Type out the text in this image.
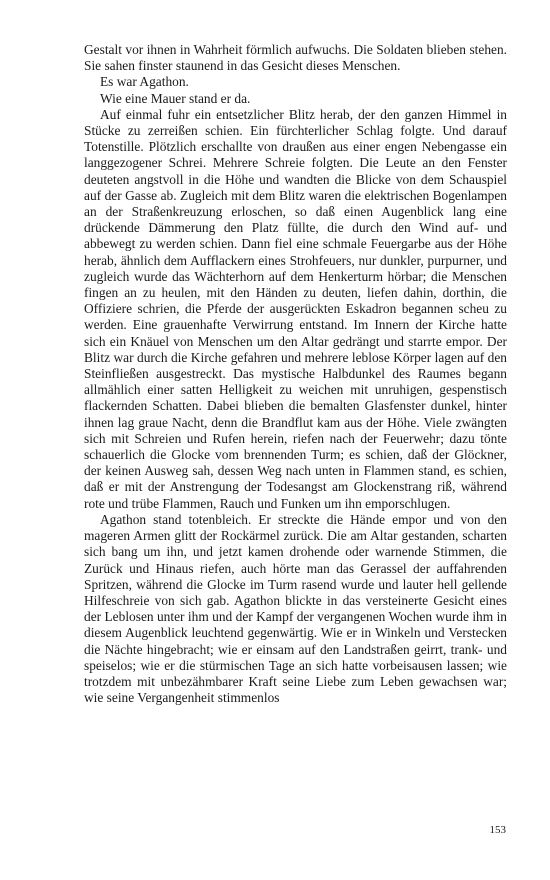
Gestalt vor ihnen in Wahrheit förmlich aufwuchs. Die Soldaten blieben stehen. Sie sahen finster staunend in das Gesicht dieses Menschen.

Es war Agathon.

Wie eine Mauer stand er da.

Auf einmal fuhr ein entsetzlicher Blitz herab, der den ganzen Himmel in Stücke zu zerreißen schien. Ein fürchterlicher Schlag folgte. Und darauf Totenstille. Plötzlich erschallte von draußen aus einer engen Nebengasse ein langgezogener Schrei. Mehrere Schreie folgten. Die Leute an den Fenster deuteten angstvoll in die Höhe und wandten die Blicke von dem Schauspiel auf der Gasse ab. Zugleich mit dem Blitz waren die elektrischen Bogenlampen an der Straßenkreuzung erloschen, so daß einen Augenblick lang eine drückende Dämmerung den Platz füllte, die durch den Wind auf- und abbewegt zu werden schien. Dann fiel eine schmale Feuergarbe aus der Höhe herab, ähnlich dem Aufflackern eines Strohfeuers, nur dunkler, purpurner, und zugleich wurde das Wächterhorn auf dem Henkerturm hörbar; die Menschen fingen an zu heulen, mit den Händen zu deuten, liefen dahin, dorthin, die Offiziere schrien, die Pferde der ausgerückten Eskadron begannen scheu zu werden. Eine grauenhafte Verwirrung entstand. Im Innern der Kirche hatte sich ein Knäuel von Menschen um den Altar gedrängt und starrte empor. Der Blitz war durch die Kirche gefahren und mehrere leblose Körper lagen auf den Steinfließen ausgestreckt. Das mystische Halbdunkel des Raumes begann allmählich einer satten Helligkeit zu weichen mit unruhigen, gespenstisch flackernden Schatten. Dabei blieben die bemalten Glasfenster dunkel, hinter ihnen lag graue Nacht, denn die Brandflut kam aus der Höhe. Viele zwängten sich mit Schreien und Rufen herein, riefen nach der Feuerwehr; dazu tönte schauerlich die Glocke vom brennenden Turm; es schien, daß der Glöckner, der keinen Ausweg sah, dessen Weg nach unten in Flammen stand, es schien, daß er mit der Anstrengung der Todesangst am Glockenstrang riß, während rote und trübe Flammen, Rauch und Funken um ihn emporschlugen.

Agathon stand totenbleich. Er streckte die Hände empor und von den mageren Armen glitt der Rockärmel zurück. Die am Altar gestanden, scharten sich bang um ihn, und jetzt kamen drohende oder warnende Stimmen, die Zurück und Hinaus riefen, auch hörte man das Gerassel der auffahrenden Spritzen, während die Glocke im Turm rasend wurde und lauter hell gellende Hilfeschreie von sich gab. Agathon blickte in das versteinerte Gesicht eines der Leblosen unter ihm und der Kampf der vergangenen Wochen wurde ihm in diesem Augenblick leuchtend gegenwärtig. Wie er in Winkeln und Verstecken die Nächte hingebracht; wie er einsam auf den Landstraßen geirrt, trank- und speiselos; wie er die stürmischen Tage an sich hatte vorbeisausen lassen; wie trotzdem mit unbezähmbarer Kraft seine Liebe zum Leben gewachsen war; wie seine Vergangenheit stimmenlos

153
